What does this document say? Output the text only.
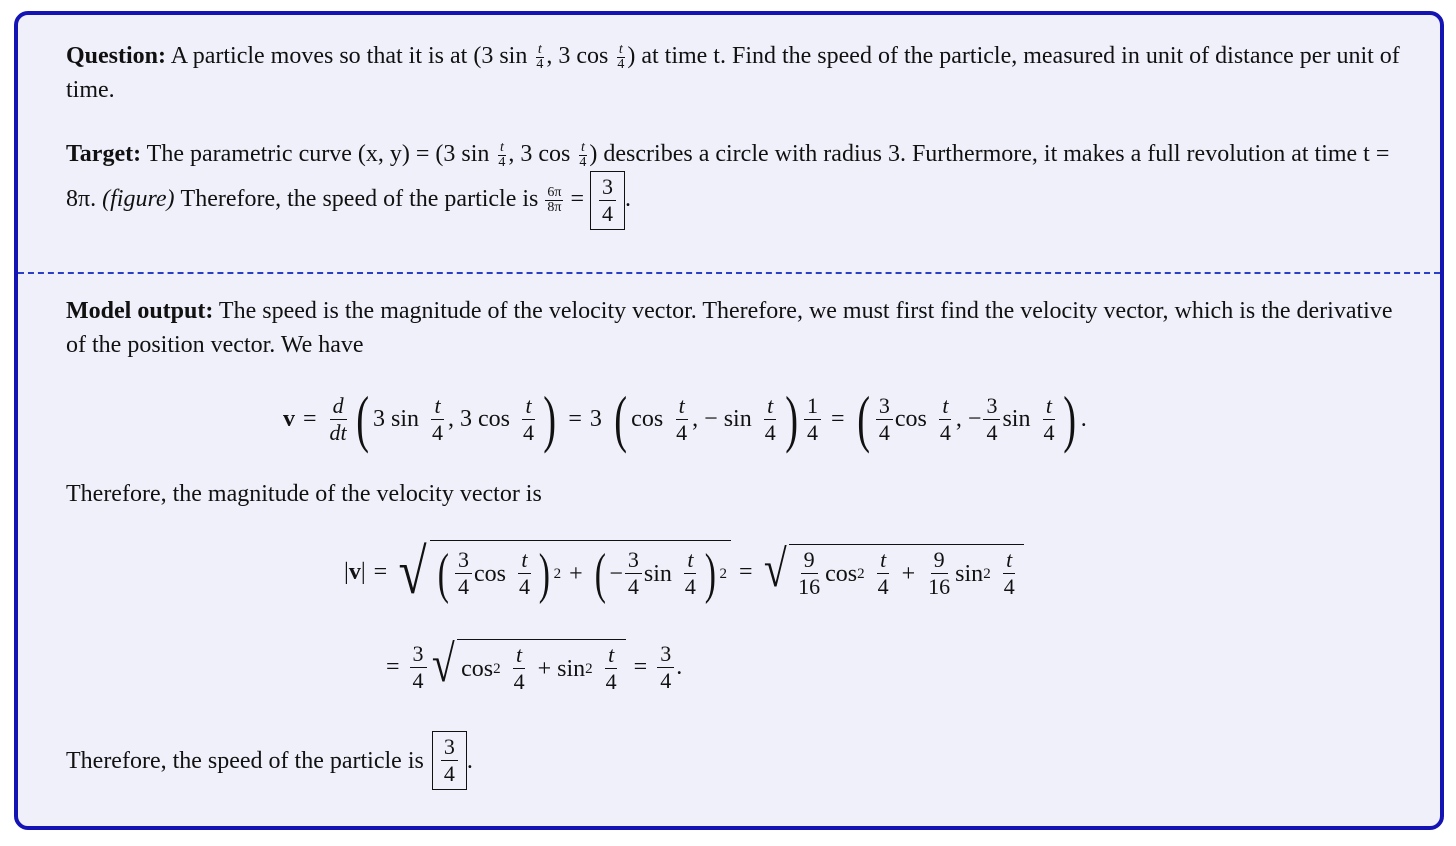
Question: A particle moves so that it is at (3 $\sin \frac{t}{4}$ , 3 $\cos \frac{t}{4}$ ) at time t. Find the speed of the particle, measured in unit of distance per unit of time.
Target: The parametric curve (x, y) = (3 $\sin \frac{t}{4}$ , 3 $\cos \frac{t}{4}$ ) describes a circle with radius 3. Furthermore, it makes a full revolution at time t = 8π. (figure) Therefore, the speed of the particle is $\frac{6\pi}{8\pi} = \frac{3}{4}$ .
Model output: The speed is the magnitude of the velocity vector. Therefore, we must first find the velocity vector, which is the derivative of the position vector. We have
$v = \frac{d}{dt}$ ( 3 $\sin \frac{t}{4}$ , 3 $\cos \frac{t}{4}$ ) = 3 ( $\cos \frac{t}{4}$ , − $\sin \frac{t}{4}$ ) $\frac{1}{4}$ = ( $\frac{3}{4}$ $\cos \frac{t}{4}$ , − $\frac{3}{4}$ $\sin \frac{t}{4}$ ) .
Therefore, the magnitude of the velocity vector is
| v | = √ ( $\frac{3}{4}$ $\cos \frac{t}{4}$ ) 2 + ( − $\frac{3}{4}$ $\sin \frac{t}{4}$ ) 2 = √ $\frac{9}{16}$ $\cos 2 \frac{t}{4} + \frac{9}{16}$ $\sin 2 \frac{t}{4}$
= $\frac{3}{4}$ √ $\cos 2 \frac{t}{4} + \sin 2 \frac{t}{4} = \frac{3}{4}$ .
Therefore, the speed of the particle is $\frac{3}{4}$ .
